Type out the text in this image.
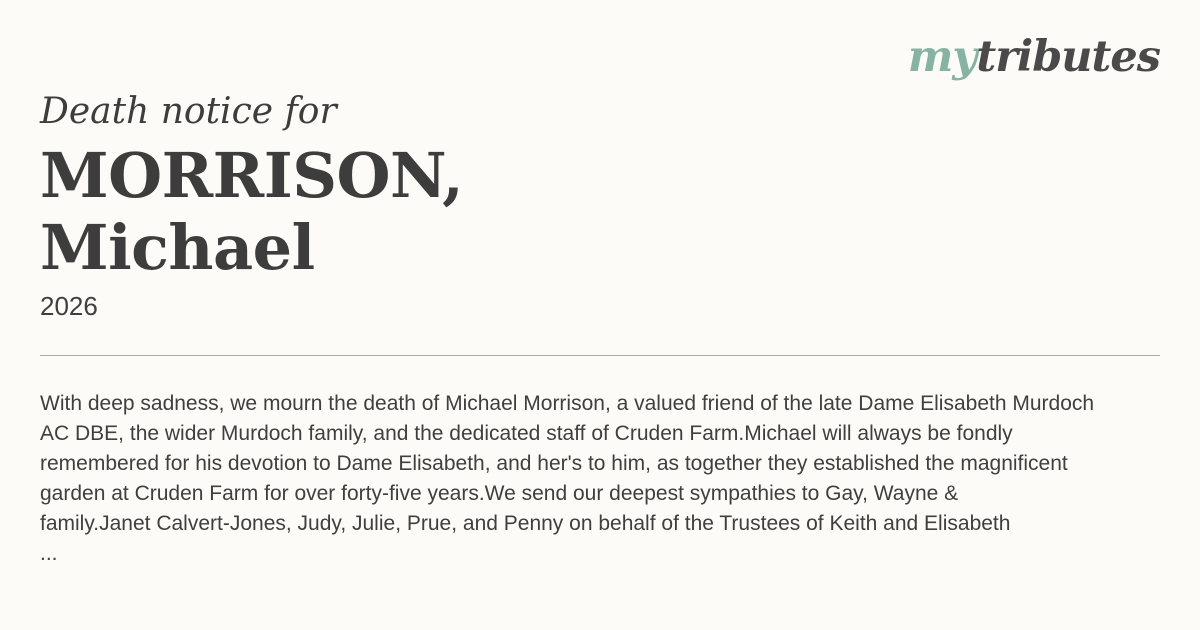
mytributes
Death notice for
MORRISON,
Michael
2026
With deep sadness, we mourn the death of Michael Morrison, a valued friend of the late Dame Elisabeth Murdoch
AC DBE, the wider Murdoch family, and the dedicated staff of Cruden Farm.Michael will always be fondly
remembered for his devotion to Dame Elisabeth, and her's to him, as together they established the magnificent
garden at Cruden Farm for over forty-five years.We send our deepest sympathies to Gay, Wayne &
family.Janet Calvert-Jones, Judy, Julie, Prue, and Penny on behalf of the Trustees of Keith and Elisabeth
...
